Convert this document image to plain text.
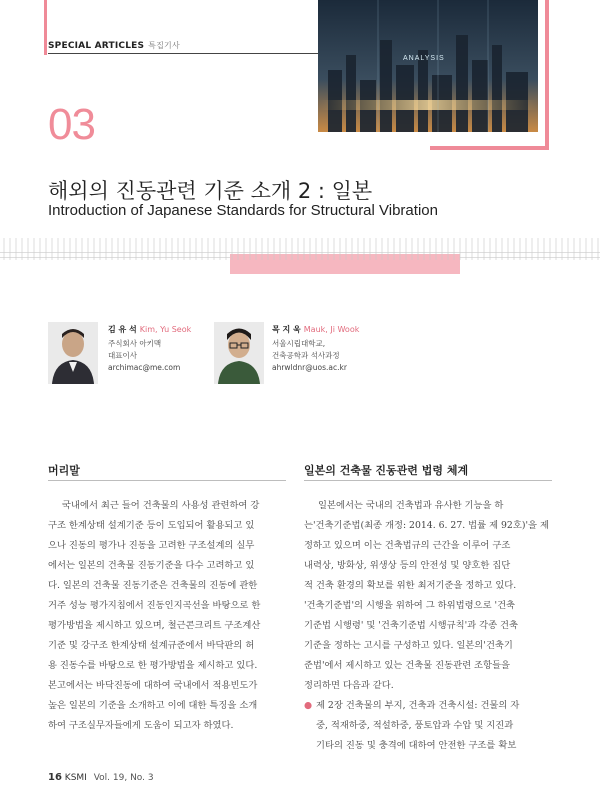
SPECIAL ARTICLES 특집기사
ANALYSIS
03
해외의 진동관련 기준 소개 2 : 일본
Introduction of Japanese Standards for Structural Vibration
김 유 석 Kim, Yu Seok
주식회사 아키맥
대표이사
archimac@me.com
목 지 욱 Mauk, Ji Wook
서울시립대학교,
건축공학과 석사과정
ahrwldnr@uos.ac.kr
머리말
국내에서 최근 들어 건축물의 사용성 관련하여 강
구조 한계상태 설계기준 등이 도입되어 활용되고 있
으나 진동의 평가나 진동을 고려한 구조설계의 실무
에서는 일본의 건축물 진동기준을 다수 고려하고 있
다. 일본의 건축물 진동기준은 건축물의 진동에 관한
거주 성능 평가지침에서 진동인지곡선을 바탕으로 한
평가방법을 제시하고 있으며, 철근콘크리트 구조계산
기준 및 강구조 한계상태 설계규준에서 바닥판의 허
용 진동수를 바탕으로 한 평가방법을 제시하고 있다.
본고에서는 바닥진동에 대하여 국내에서 적용빈도가
높은 일본의 기준을 소개하고 이에 대한 특징을 소개
하여 구조실무자들에게 도움이 되고자 하였다.
일본의 건축물 진동관련 법령 체계
일본에서는 국내의 건축법과 유사한 기능을 하
는'건축기준법(최종 개정: 2014. 6. 27. 법률 제 92호)'을 제
정하고 있으며 이는 건축법규의 근간을 이루어 구조
내력상, 방화상, 위생상 등의 안전성 및 양호한 집단
적 건축 환경의 확보를 위한 최저기준을 정하고 있다.
'건축기준법'의 시행을 위하여 그 하위법령으로 '건축
기준법 시행령' 및 '건축기준법 시행규칙'과 각종 건축
기준을 정하는 고시를 구성하고 있다. 일본의'건축기
준법'에서 제시하고 있는 건축물 진동관련 조항들을
정리하면 다음과 같다.
● 제 2장 건축물의 부지, 건축과 건축시설: 건물의 자
중, 적재하중, 적설하중, 풍토압과 수압 및 지진과
기타의 진동 및 충격에 대하여 안전한 구조를 확보
16 KSMI Vol. 19, No. 3
